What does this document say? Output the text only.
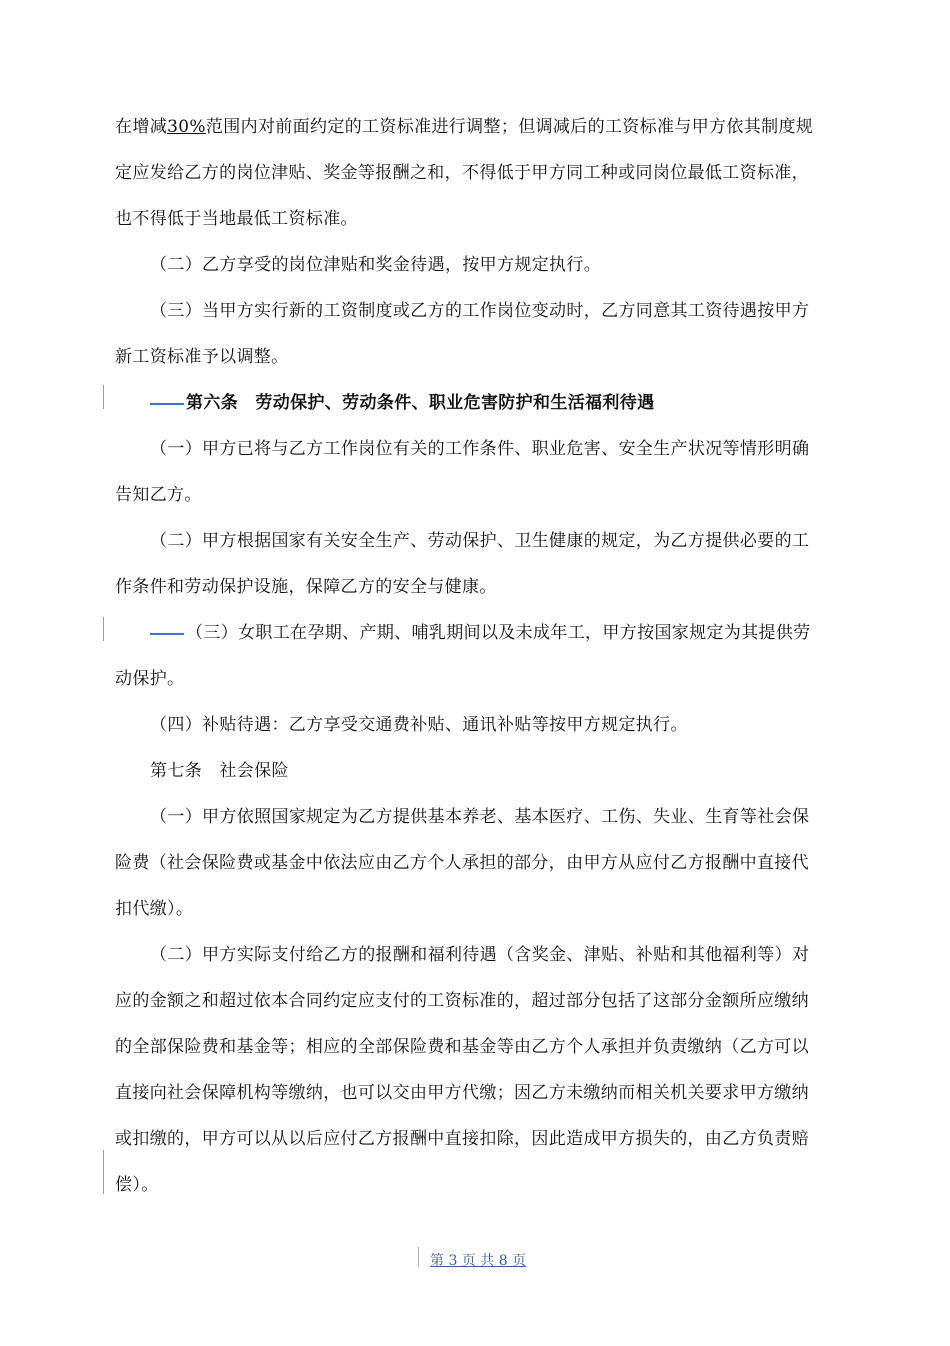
在增减30%范围内对前面约定的工资标准进行调整；但调减后的工资标准与甲方依其制度规
定应发给乙方的岗位津贴、奖金等报酬之和，不得低于甲方同工种或同岗位最低工资标准，
也不得低于当地最低工资标准。
（二）乙方享受的岗位津贴和奖金待遇，按甲方规定执行。
（三）当甲方实行新的工资制度或乙方的工作岗位变动时，乙方同意其工资待遇按甲方
新工资标准予以调整。
第六条　劳动保护、劳动条件、职业危害防护和生活福利待遇
（一）甲方已将与乙方工作岗位有关的工作条件、职业危害、安全生产状况等情形明确
告知乙方。
（二）甲方根据国家有关安全生产、劳动保护、卫生健康的规定，为乙方提供必要的工
作条件和劳动保护设施，保障乙方的安全与健康。
（三）女职工在孕期、产期、哺乳期间以及未成年工，甲方按国家规定为其提供劳
动保护。
（四）补贴待遇：乙方享受交通费补贴、通讯补贴等按甲方规定执行。
第七条　社会保险
（一）甲方依照国家规定为乙方提供基本养老、基本医疗、工伤、失业、生育等社会保
险费（社会保险费或基金中依法应由乙方个人承担的部分，由甲方从应付乙方报酬中直接代
扣代缴）。
（二）甲方实际支付给乙方的报酬和福利待遇（含奖金、津贴、补贴和其他福利等）对
应的金额之和超过依本合同约定应支付的工资标准的，超过部分包括了这部分金额所应缴纳
的全部保险费和基金等；相应的全部保险费和基金等由乙方个人承担并负责缴纳（乙方可以
直接向社会保障机构等缴纳，也可以交由甲方代缴；因乙方未缴纳而相关机关要求甲方缴纳
或扣缴的，甲方可以从以后应付乙方报酬中直接扣除，因此造成甲方损失的，由乙方负责赔
偿）。
第 3 页 共 8 页
